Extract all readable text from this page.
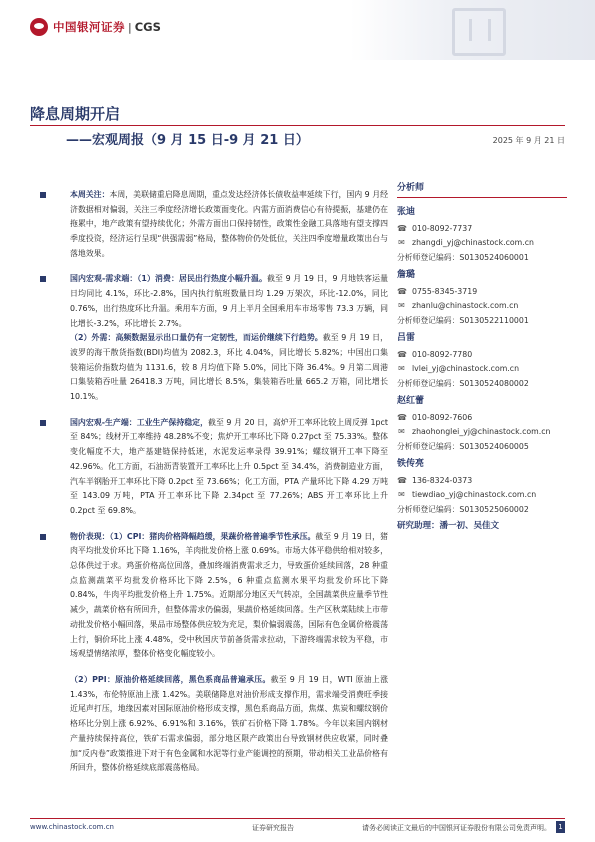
中国银河证券 | CGS
降息周期开启
——宏观周报（9 月 15 日-9 月 21 日）	2025 年 9 月 21 日

本周关注：本周，美联储重启降息周期，重点发达经济体长债收益率延续下行，国内 9 月经济数据相对偏弱，关注三季度经济增长政策面变化。内需方面消费信心有待提振，基建仍在拖累中，地产政策有望持续优化；外需方面出口保持韧性，政策性金融工具落地有望支撑四季度投资，经济运行呈现“供强需弱”格局，整体物价仍处低位，关注四季度增量政策出台与落地效果。

国内宏观-需求端：（1）消费：居民出行热度小幅升温。截至 9 月 19 日，9 月地铁客运量日均同比 4.1%，环比-2.8%，国内执行航班数量日均 1.29 万架次，环比-12.0%，同比 0.76%，出行热度环比升温。乘用车方面，9 月上半月全国乘用车市场零售 73.3 万辆，同比增长-3.2%，环比增长 2.7%。

（2）外需：高频数据显示出口量仍有一定韧性，而运价继续下行趋势。截至 9 月 19 日，波罗的海干散货指数(BDI)均值为 2082.3，环比 4.04%，同比增长 5.82%；中国出口集装箱运价指数均值为 1131.6，较 8 月均值下降 5.0%，同比下降 36.4%。9 月第二周港口集装箱吞吐量 26418.3 万吨，同比增长 8.5%，集装箱吞吐量 665.2 万箱，同比增长 10.1%。

国内宏观-生产端：工业生产保持稳定，截至 9 月 20 日，高炉开工率环比较上周反弹 1pct 至 84%；线材开工率维持 48.28%不变；焦炉开工率环比下降 0.27pct 至 75.33%。整体变化幅度不大，地产基建链保持低迷，水泥发运率录得 39.91%；螺纹钢开工率下降至 42.96%。化工方面，石油沥青装置开工率环比上升 0.5pct 至 34.4%，消费制造业方面，汽车半钢胎开工率环比下降 0.2pct 至 73.66%；化工方面，PTA 产量环比下降 4.29 万吨至 143.09 万吨，PTA 开工率环比下降 2.34pct 至 77.26%；ABS 开工率环比上升 0.2pct 至 69.8%。

物价表现：（1）CPI：猪肉价格降幅趋缓，果蔬价格普遍季节性承压。截至 9 月 19 日，猪肉平均批发价环比下降 1.16%，羊肉批发价格上涨 0.69%。市场大体平稳供给相对较多，总体供过于求。鸡蛋价格高位回落，叠加终端消费需求乏力，导致蛋价延续回落，28 种重点监测蔬菜平均批发价格环比下降 2.5%，6 种重点监测水果平均批发价环比下降 0.84%，牛肉平均批发价格上升 1.75%。近期部分地区天气转凉，全国蔬菜供应量季节性减少，蔬菜价格有所回升，但整体需求仍偏弱，果蔬价格延续回落。生产区秋菜陆续上市带动批发价格小幅回落，果品市场整体供应较为充足，梨价偏弱震荡，国际有色金属价格震荡上行，铜价环比上涨 4.48%，受中秋国庆节前备货需求拉动，下游终端需求较为平稳，市场观望情绪浓厚，整体价格变化幅度较小。

（2）PPI：原油价格延续回落，黑色系商品普遍承压。截至 9 月 19 日，WTI 原油上涨 1.43%，布伦特原油上涨 1.42%。美联储降息对油价形成支撑作用，需求端受消费旺季接近尾声打压，地缘因素对国际原油价格形成支撑，黑色系商品方面，焦煤、焦炭和螺纹钢价格环比分别上涨 6.92%、6.91%和 3.16%，铁矿石价格下降 1.78%。今年以来国内钢材产量持续保持高位，铁矿石需求偏弱，部分地区限产政策出台导致钢材供应收紧，同时叠加“反内卷”政策推进下对于有色金属和水泥等行业产能调控的预期，带动相关工业品价格有所回升，整体价格延续底部震荡格局。

分析师
张迪
☎ 010-8092-7737
✉ zhangdi_yj@chinastock.com.cn
分析师登记编码： S0130524060001
詹璐
☎ 0755-8345-3719
✉ zhanlu@chinastock.com.cn
分析师登记编码： S0130522110001
吕雷
☎ 010-8092-7780
✉ lvlei_yj@chinastock.com.cn
分析师登记编码： S0130524080002
赵红蕾
☎ 010-8092-7606
✉ zhaohonglei_yj@chinastock.com.cn
分析师登记编码： S0130524060005
铁传亮
☎ 136-8324-0373
✉ tiewdiao_yj@chinastock.com.cn
分析师登记编码： S0130525060002
研究助理：潘一初、吴佳文
www.chinastock.com.cn	证券研究报告	请务必阅读正文最后的中国银河证券股份有限公司免责声明。	1
